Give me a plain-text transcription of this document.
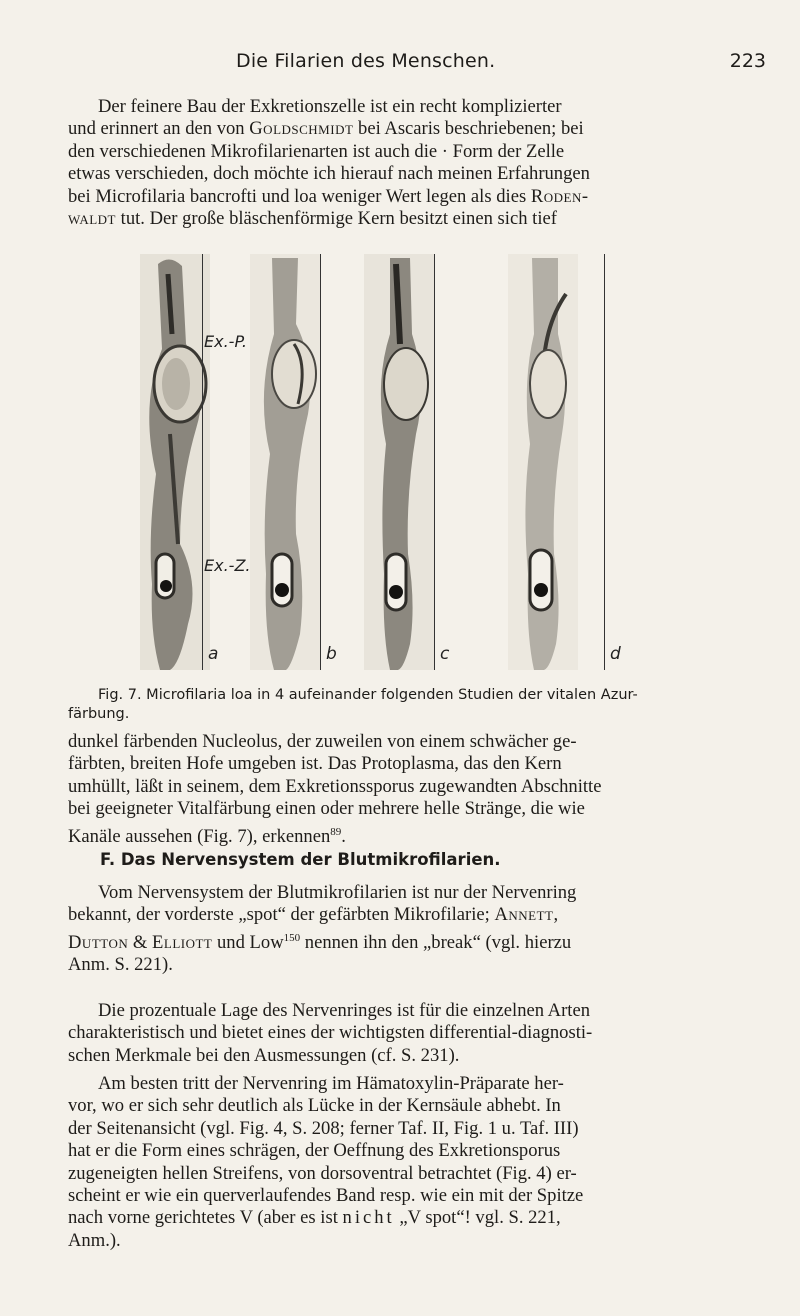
Die Filarien des Menschen.	223
Der feinere Bau der Exkretionszelle ist ein recht komplizierter
und erinnert an den von Goldschmidt bei Ascaris beschriebenen; bei
den verschiedenen Mikrofilarienarten ist auch die · Form der Zelle
etwas verschieden, doch möchte ich hierauf nach meinen Erfahrungen
bei Microfilaria bancrofti und loa weniger Wert legen als dies Roden-
waldt tut. Der große bläschenförmige Kern besitzt einen sich tief
Ex.-P.
Ex.-Z.
a	b	c	d
Fig. 7. Microfilaria loa in 4 aufeinander folgenden Studien der vitalen Azur-
färbung.
dunkel färbenden Nucleolus, der zuweilen von einem schwächer ge-
färbten, breiten Hofe umgeben ist. Das Protoplasma, das den Kern
umhüllt, läßt in seinem, dem Exkretionssporus zugewandten Abschnitte
bei geeigneter Vitalfärbung einen oder mehrere helle Stränge, die wie
Kanäle aussehen (Fig. 7), erkennen$^{89}$.
F. Das Nervensystem der Blutmikrofilarien.
Vom Nervensystem der Blutmikrofilarien ist nur der Nervenring
bekannt, der vorderste „spot“ der gefärbten Mikrofilarie; Annett,
Dutton & Elliott und Low$^{150}$ nennen ihn den „break“ (vgl. hierzu
Anm. S. 221).
Die prozentuale Lage des Nervenringes ist für die einzelnen Arten
charakteristisch und bietet eines der wichtigsten differential-diagnosti-
schen Merkmale bei den Ausmessungen (cf. S. 231).
Am besten tritt der Nervenring im Hämatoxylin-Präparate her-
vor, wo er sich sehr deutlich als Lücke in der Kernsäule abhebt. In
der Seitenansicht (vgl. Fig. 4, S. 208; ferner Taf. II, Fig. 1 u. Taf. III)
hat er die Form eines schrägen, der Oeffnung des Exkretionsporus
zugeneigten hellen Streifens, von dorsoventral betrachtet (Fig. 4) er-
scheint er wie ein querverlaufendes Band resp. wie ein mit der Spitze
nach vorne gerichtetes V (aber es ist nicht „V spot“! vgl. S. 221,
Anm.).
